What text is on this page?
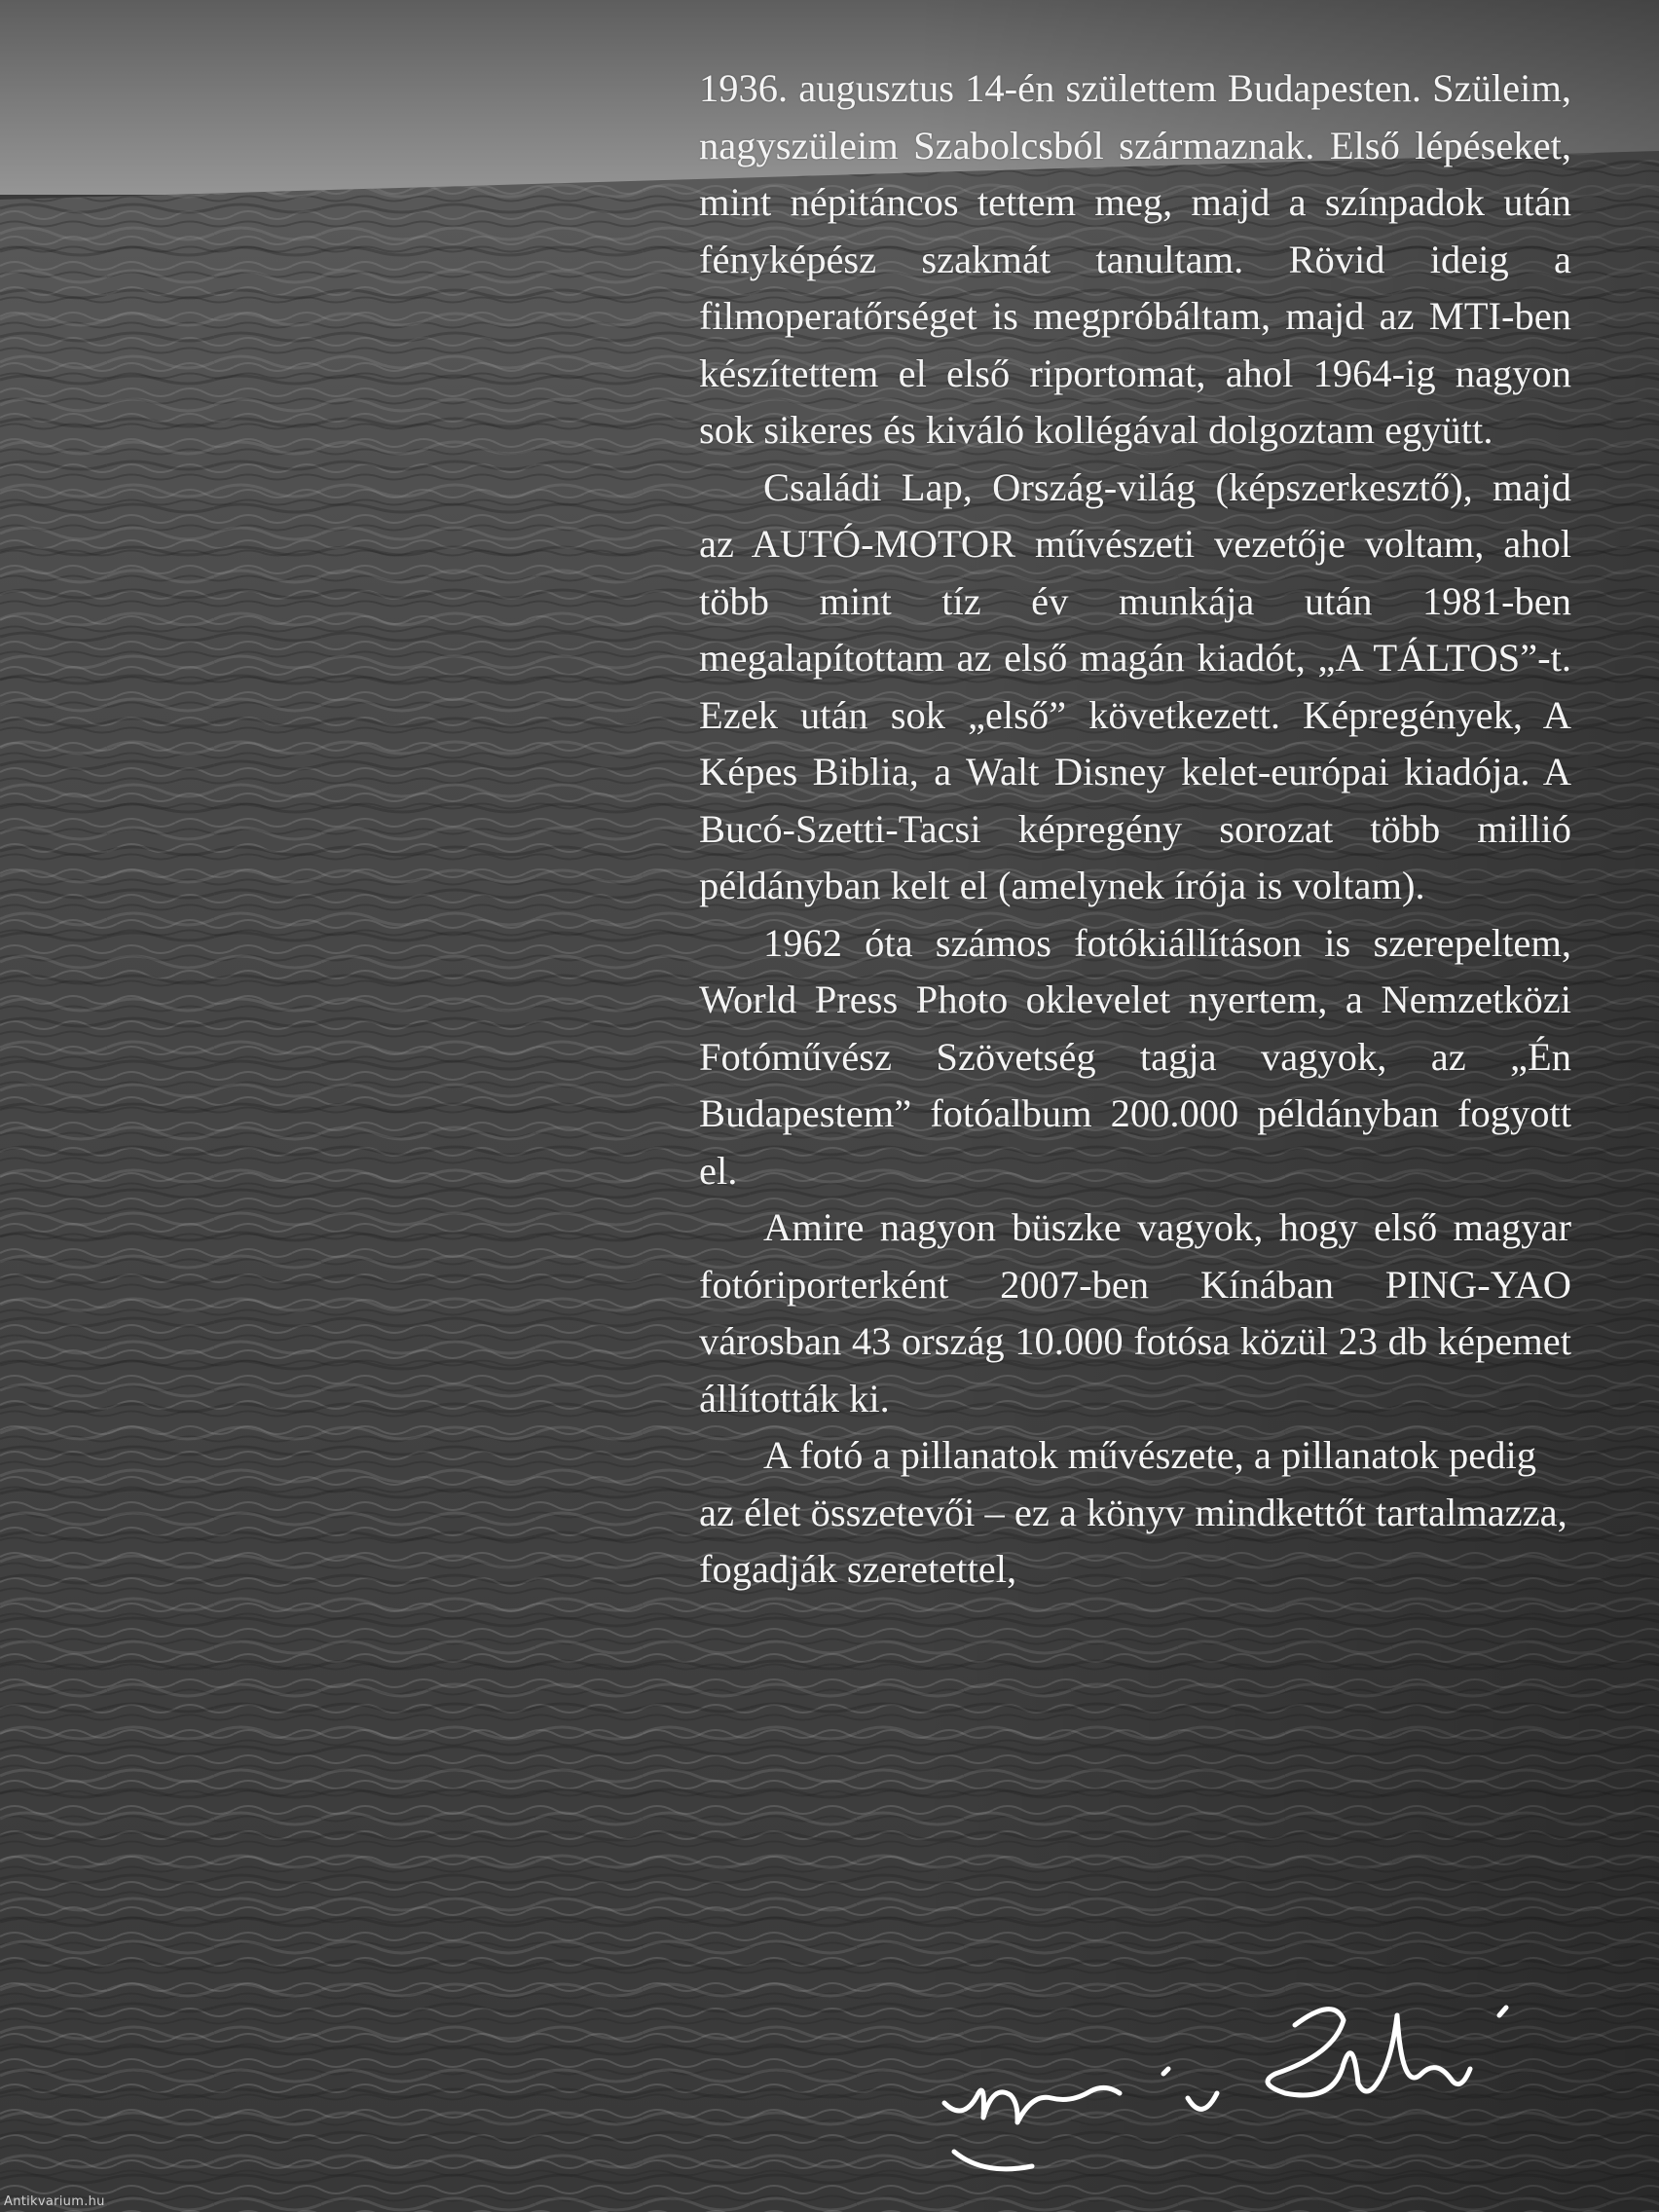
1936. augusztus 14-én születtem Budapesten. Szüleim, nagyszüleim Szabolcsból származnak. Első lépéseket, mint népitáncos tettem meg, majd a színpadok után fényképész szakmát tanultam. Rövid ideig a filmoperatőrséget is megpróbáltam, majd az MTI-ben készítettem el első riportomat, ahol 1964-ig nagyon sok sikeres és kiváló kollégával dolgoztam együtt.

Családi Lap, Ország-világ (képszerkesztő), majd az AUTÓ-MOTOR művészeti vezetője voltam, ahol több mint tíz év munkája után 1981-ben megalapítottam az első magán kiadót, „A TÁLTOS”-t. Ezek után sok „első” következett. Képregények, A Képes Biblia, a Walt Disney kelet-európai kiadója. A Bucó-Szetti-Tacsi képregény sorozat több millió példányban kelt el (amelynek írója is voltam).

1962 óta számos fotókiállításon is szerepeltem, World Press Photo oklevelet nyertem, a Nemzetközi Fotóművész Szövetség tagja vagyok, az „Én Budapestem” fotóalbum 200.000 példányban fogyott el.

Amire nagyon büszke vagyok, hogy első magyar fotóriporterként 2007-ben Kínában PING-YAO városban 43 ország 10.000 fotósa közül 23 db képemet állították ki.

A fotó a pillanatok művészete, a pillanatok pedig az élet összetevői – ez a könyv mindkettőt tartalmazza, fogadják szeretettel,

Antikvarium.hu
